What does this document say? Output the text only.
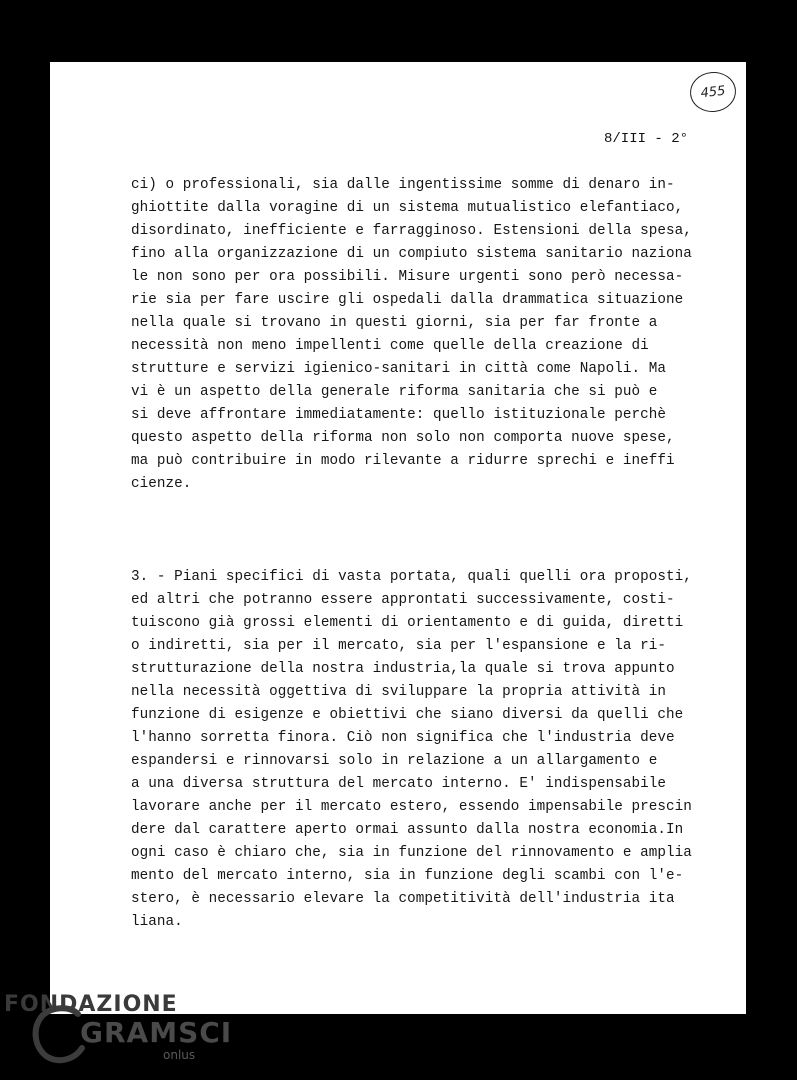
455
8/III - 2°
ci) o professionali, sia dalle ingentissime somme di denaro in-
ghiottite dalla voragine di un sistema mutualistico elefantiaco,
disordinato, inefficiente e farragginoso. Estensioni della spesa,
fino alla organizzazione di un compiuto sistema sanitario naziona
le non sono per ora possibili. Misure urgenti sono però necessa-
rie sia per fare uscire gli ospedali dalla drammatica situazione
nella quale si trovano in questi giorni, sia per far fronte a
necessità non meno impellenti come quelle della creazione di
strutture e servizi igienico-sanitari in città come Napoli. Ma
vi è un aspetto della generale riforma sanitaria che si può e
si deve affrontare immediatamente: quello istituzionale perchè
questo aspetto della riforma non solo non comporta nuove spese,
ma può contribuire in modo rilevante a ridurre sprechi e ineffi
cienze.
3. - Piani specifici di vasta portata, quali quelli ora proposti,
ed altri che potranno essere approntati successivamente, costi-
tuiscono già grossi elementi di orientamento e di guida, diretti
o indiretti, sia per il mercato, sia per l'espansione e la ri-
strutturazione della nostra industria,la quale si trova appunto
nella necessità oggettiva di sviluppare la propria attività in
funzione di esigenze e obiettivi che siano diversi da quelli che
l'hanno sorretta finora. Ciò non significa che l'industria deve
espandersi e rinnovarsi solo in relazione a un allargamento e
a una diversa struttura del mercato interno. E' indispensabile
lavorare anche per il mercato estero, essendo impensabile prescin
dere dal carattere aperto ormai assunto dalla nostra economia.In
ogni caso è chiaro che, sia in funzione del rinnovamento e amplia
mento del mercato interno, sia in funzione degli scambi con l'e-
stero, è necessario elevare la competitività dell'industria ita
liana.
FONDAZIONE
GRAMSCI
onlus
